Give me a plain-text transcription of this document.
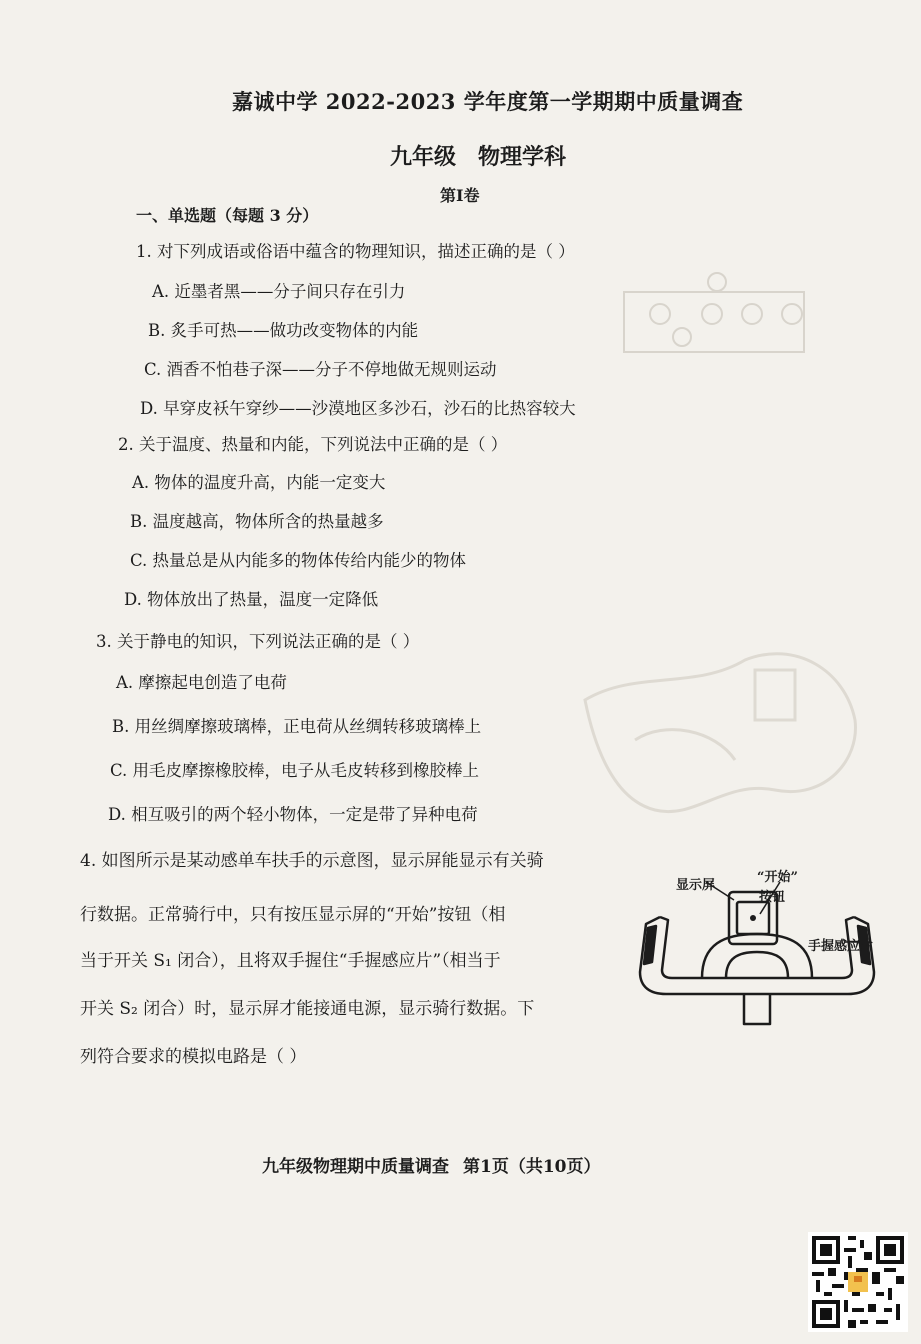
嘉诚中学 2022-2023 学年度第一学期期中质量调查
九年级 物理学科
第I卷
一、单选题（每题 3 分）
1. 对下列成语或俗语中蕴含的物理知识，描述正确的是（ ）
A. 近墨者黑——分子间只存在引力
B. 炙手可热——做功改变物体的内能
C. 酒香不怕巷子深——分子不停地做无规则运动
D. 早穿皮袄午穿纱——沙漠地区多沙石，沙石的比热容较大
2. 关于温度、热量和内能，下列说法中正确的是（ ）
A. 物体的温度升高，内能一定变大
B. 温度越高，物体所含的热量越多
C. 热量总是从内能多的物体传给内能少的物体
D. 物体放出了热量，温度一定降低
3. 关于静电的知识，下列说法正确的是（ ）
A. 摩擦起电创造了电荷
B. 用丝绸摩擦玻璃棒，正电荷从丝绸转移玻璃棒上
C. 用毛皮摩擦橡胶棒，电子从毛皮转移到橡胶棒上
D. 相互吸引的两个轻小物体，一定是带了异种电荷
4. 如图所示是某动感单车扶手的示意图，显示屏能显示有关骑
行数据。正常骑行中，只有按压显示屏的“开始”按钮（相
当于开关 S₁ 闭合），且将双手握住“手握感应片”（相当于
开关 S₂ 闭合）时，显示屏才能接通电源，显示骑行数据。下
列符合要求的模拟电路是（ ）
显示屏
“开始”
按钮
手握感应片
九年级物理期中质量调查 第1页（共10页）
